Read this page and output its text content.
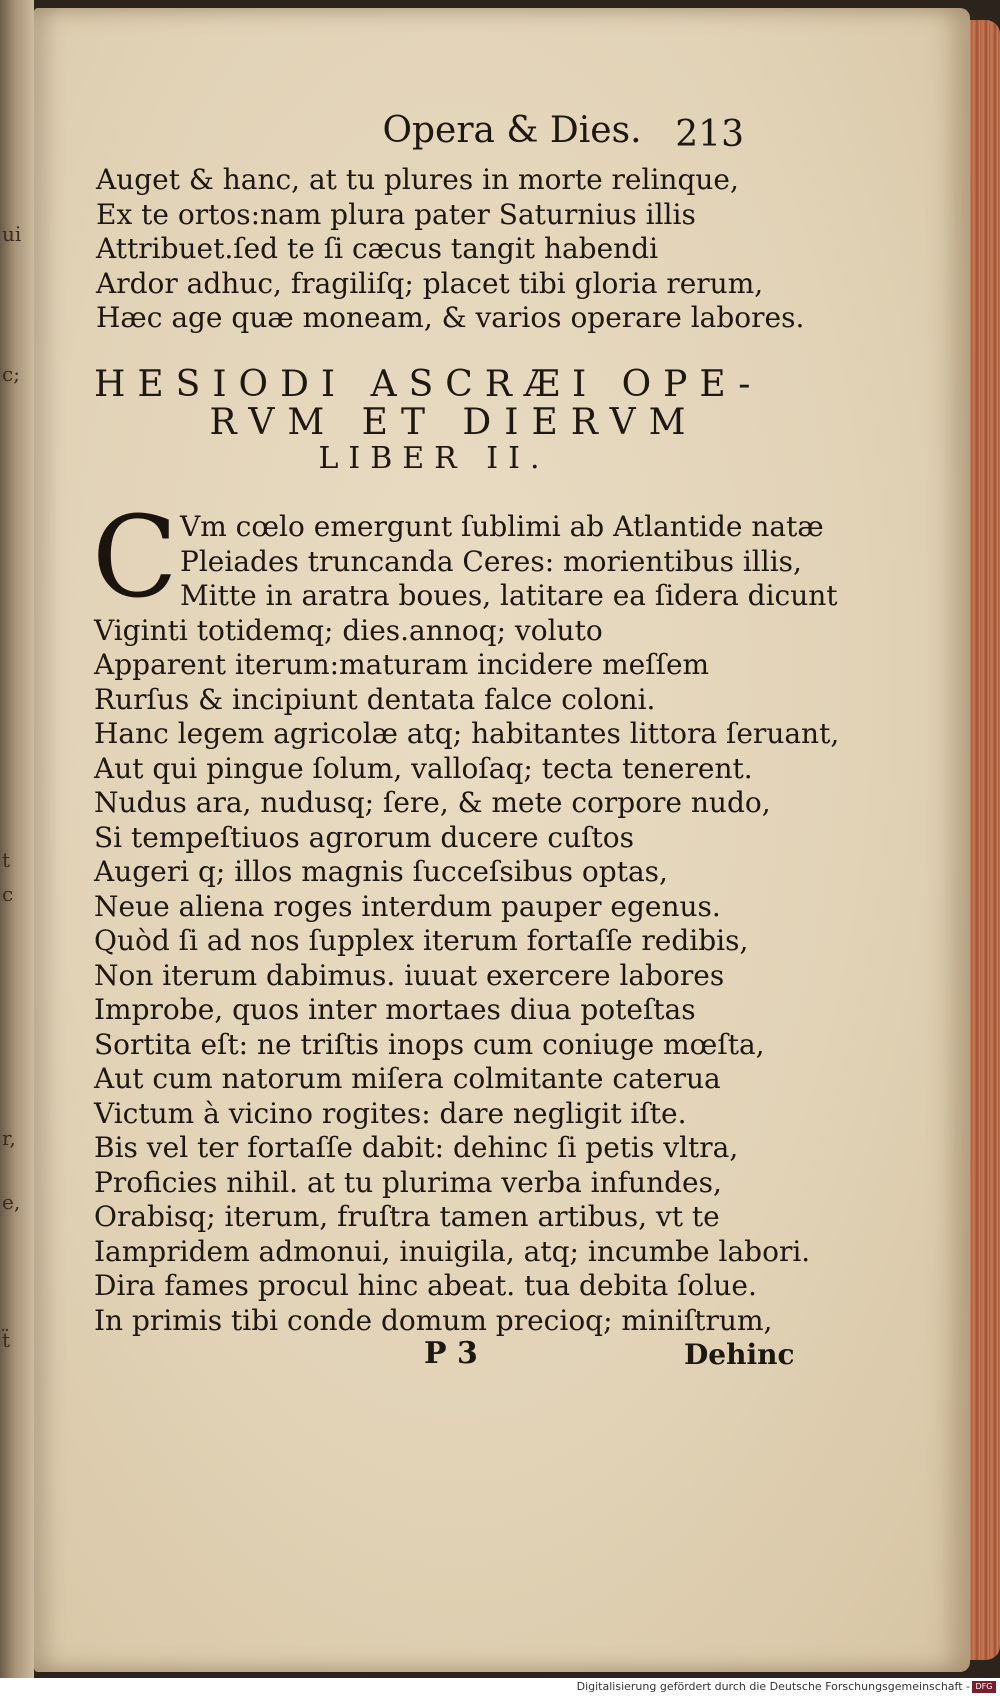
ui
c;
t
c
r,
e,
ẗ
Opera & Dies. 213
Auget & hanc, at tu plures in morte relinque,
Ex te ortos:nam plura pater Saturnius illis
Attribuet.ſed te ſi cæcus tangit habendi
Ardor adhuc, fragiliſq; placet tibi gloria rerum,
Hæc age quæ moneam, & varios operare labores.
HESIODI ASCRÆI OPE-
RVM ET DIERVM
LIBER II.
C Vm cœlo emergunt ſublimi ab Atlantide natæ
Pleiades truncanda Ceres: morientibus illis,
Mitte in aratra boues, latitare ea ſidera dicunt
Viginti totidemq; dies.annoq; voluto
Apparent iterum:maturam incidere meſſem
Rurſus & incipiunt dentata falce coloni.
Hanc legem agricolæ atq; habitantes littora ſeruant,
Aut qui pingue ſolum, valloſaq; tecta tenerent.
Nudus ara, nudusq; ſere, & mete corpore nudo,
Si tempeſtiuos agrorum ducere cuſtos
Augeri q; illos magnis ſucceſsibus optas,
Neue aliena roges interdum pauper egenus.
Quòd ſi ad nos ſupplex iterum fortaſſe redibis,
Non iterum dabimus. iuuat exercere labores
Improbe, quos inter mortaes diua poteſtas
Sortita eſt: ne triſtis inops cum coniuge mœſta,
Aut cum natorum miſera colmitante caterua
Victum à vicino rogites: dare negligit iſte.
Bis vel ter fortaſſe dabit: dehinc ſi petis vltra,
Proficies nihil. at tu plurima verba infundes,
Orabisq; iterum, fruſtra tamen artibus, vt te
Iampridem admonui, inuigila, atq; incumbe labori.
Dira fames procul hinc abeat. tua debita ſolue.
In primis tibi conde domum precioq; miniſtrum,
P 3	Dehinc
Digitalisierung gefördert durch die Deutsche Forschungsgemeinschaft - DFG
